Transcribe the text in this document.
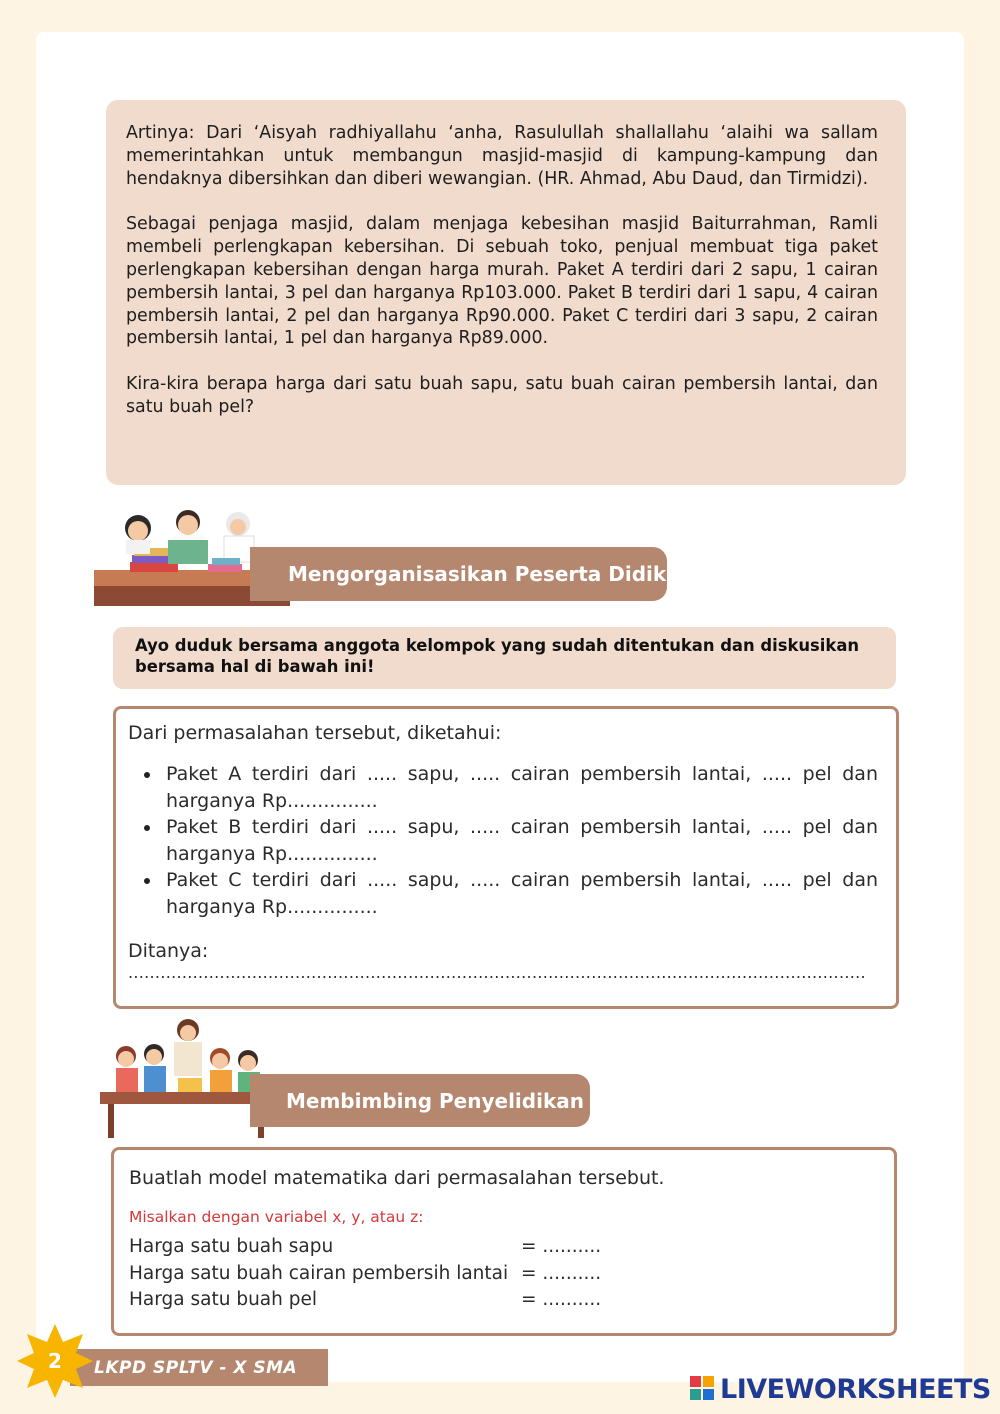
Artinya: Dari ‘Aisyah radhiyallahu ‘anha, Rasulullah shallallahu ‘alaihi wa sallam memerintahkan untuk membangun masjid-masjid di kampung-kampung dan hendaknya dibersihkan dan diberi wewangian. (HR. Ahmad, Abu Daud, dan Tirmidzi).

Sebagai penjaga masjid, dalam menjaga kebesihan masjid Baiturrahman, Ramli membeli perlengkapan kebersihan. Di sebuah toko, penjual membuat tiga paket perlengkapan kebersihan dengan harga murah. Paket A terdiri dari 2 sapu, 1 cairan pembersih lantai, 3 pel dan harganya Rp103.000. Paket B terdiri dari 1 sapu, 4 cairan pembersih lantai, 2 pel dan harganya Rp90.000. Paket C terdiri dari 3 sapu, 2 cairan pembersih lantai, 1 pel dan harganya Rp89.000.

Kira-kira berapa harga dari satu buah sapu, satu buah cairan pembersih lantai, dan satu buah pel?

Mengorganisasikan Peserta Didik
Ayo duduk bersama anggota kelompok yang sudah ditentukan dan diskusikan bersama hal di bawah ini!

Dari permasalahan tersebut, diketahui:

Paket A terdiri dari ..... sapu, ..... cairan pembersih lantai, ..... pel dan harganya Rp...............
Paket B terdiri dari ..... sapu, ..... cairan pembersih lantai, ..... pel dan harganya Rp...............
Paket C terdiri dari ..... sapu, ..... cairan pembersih lantai, ..... pel dan harganya Rp...............
Ditanya:
.........................................................................................................................................
Membimbing Penyelidikan

Buatlah model matematika dari permasalahan tersebut.

Misalkan dengan variabel x, y, atau z:
Harga satu buah sapu	= ..........
Harga satu buah cairan pembersih lantai	= ..........
Harga satu buah pel	= ..........
LKPD SPLTV - X SMA
2
LIVEWORKSHEETS
